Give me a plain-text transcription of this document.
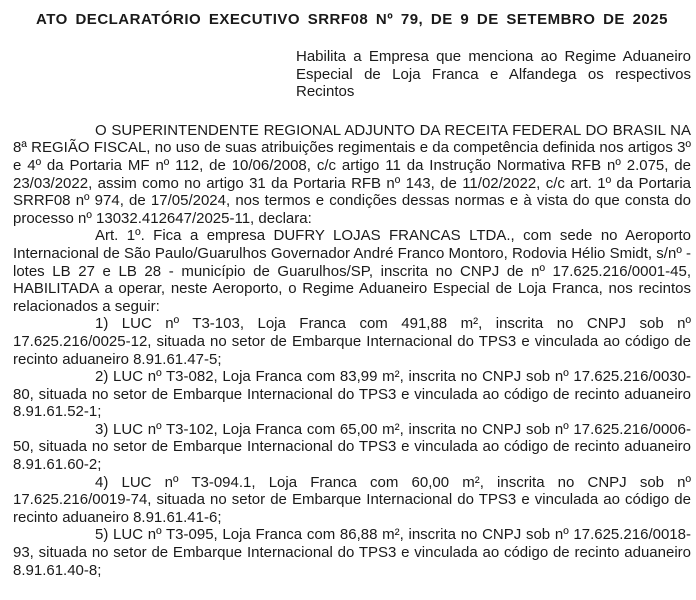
ATO DECLARATÓRIO EXECUTIVO SRRF08 Nº 79, DE 9 DE SETEMBRO DE 2025

Habilita a Empresa que menciona ao Regime Aduaneiro Especial de Loja Franca e Alfandega os respectivos Recintos

O SUPERINTENDENTE REGIONAL ADJUNTO DA RECEITA FEDERAL DO BRASIL NA 8ª REGIÃO FISCAL, no uso de suas atribuições regimentais e da competência definida nos artigos 3º e 4º da Portaria MF nº 112, de 10/06/2008, c/c artigo 11 da Instrução Normativa RFB nº 2.075, de 23/03/2022, assim como no artigo 31 da Portaria RFB nº 143, de 11/02/2022, c/c art. 1º da Portaria SRRF08 nº 974, de 17/05/2024, nos termos e condições dessas normas e à vista do que consta do processo nº 13032.412647/2025-11, declara:

Art. 1º. Fica a empresa DUFRY LOJAS FRANCAS LTDA., com sede no Aeroporto Internacional de São Paulo/Guarulhos Governador André Franco Montoro, Rodovia Hélio Smidt, s/nº - lotes LB 27 e LB 28 - município de Guarulhos/SP, inscrita no CNPJ de nº 17.625.216/0001-45, HABILITADA a operar, neste Aeroporto, o Regime Aduaneiro Especial de Loja Franca, nos recintos relacionados a seguir:

1) LUC nº T3-103, Loja Franca com 491,88 m², inscrita no CNPJ sob nº 17.625.216/0025-12, situada no setor de Embarque Internacional do TPS3 e vinculada ao código de recinto aduaneiro 8.91.61.47-5;

2) LUC nº T3-082, Loja Franca com 83,99 m², inscrita no CNPJ sob nº 17.625.216/0030-80, situada no setor de Embarque Internacional do TPS3 e vinculada ao código de recinto aduaneiro 8.91.61.52-1;

3) LUC nº T3-102, Loja Franca com 65,00 m², inscrita no CNPJ sob nº 17.625.216/0006-50, situada no setor de Embarque Internacional do TPS3 e vinculada ao código de recinto aduaneiro 8.91.61.60-2;

4) LUC nº T3-094.1, Loja Franca com 60,00 m², inscrita no CNPJ sob nº 17.625.216/0019-74, situada no setor de Embarque Internacional do TPS3 e vinculada ao código de recinto aduaneiro 8.91.61.41-6;

5) LUC nº T3-095, Loja Franca com 86,88 m², inscrita no CNPJ sob nº 17.625.216/0018-93, situada no setor de Embarque Internacional do TPS3 e vinculada ao código de recinto aduaneiro 8.91.61.40-8;
